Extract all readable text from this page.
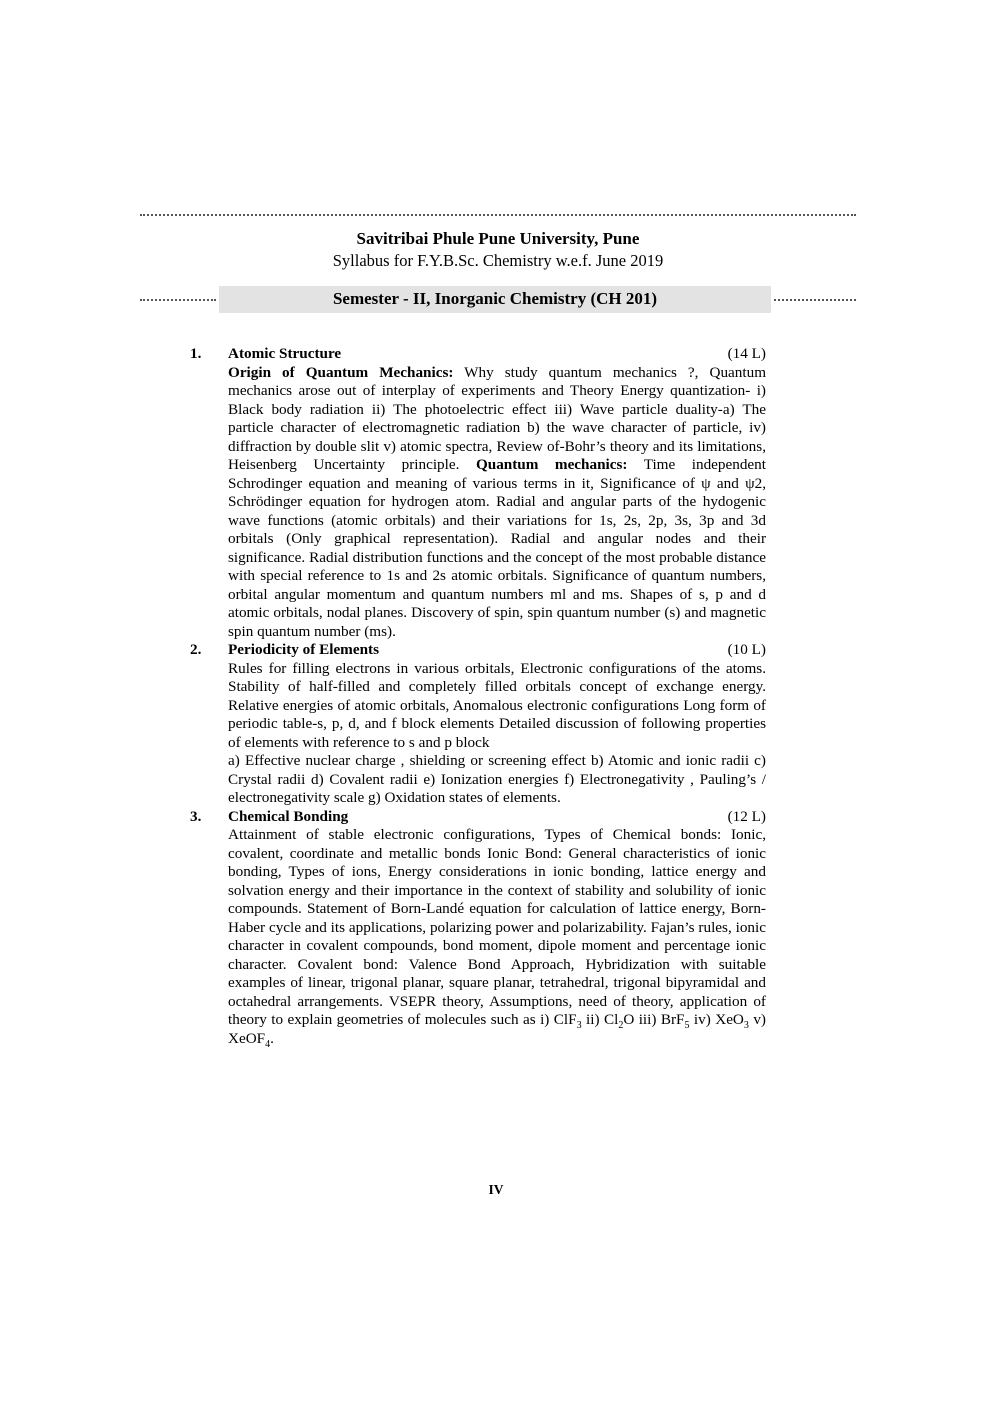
Savitribai Phule Pune University, Pune
Syllabus for F.Y.B.Sc. Chemistry w.e.f. June 2019
Semester - II, Inorganic Chemistry (CH 201)
1.	Atomic Structure	(14 L)

Origin of Quantum Mechanics: Why study quantum mechanics ?, Quantum mechanics arose out of interplay of experiments and Theory Energy quantization- i) Black body radiation ii) The photoelectric effect iii) Wave particle duality-a) The particle character of electromagnetic radiation b) the wave character of particle, iv) diffraction by double slit v) atomic spectra, Review of-Bohr’s theory and its limitations, Heisenberg Uncertainty principle. Quantum mechanics: Time independent Schrodinger equation and meaning of various terms in it, Significance of ψ and ψ2, Schrödinger equation for hydrogen atom. Radial and angular parts of the hydogenic wave functions (atomic orbitals) and their variations for 1s, 2s, 2p, 3s, 3p and 3d orbitals (Only graphical representation). Radial and angular nodes and their significance. Radial distribution functions and the concept of the most probable distance with special reference to 1s and 2s atomic orbitals. Significance of quantum numbers, orbital angular momentum and quantum numbers ml and ms. Shapes of s, p and d atomic orbitals, nodal planes. Discovery of spin, spin quantum number (s) and magnetic spin quantum number (ms).

2.	Periodicity of Elements	(10 L)

Rules for filling electrons in various orbitals, Electronic configurations of the atoms. Stability of half-filled and completely filled orbitals concept of exchange energy. Relative energies of atomic orbitals, Anomalous electronic configurations Long form of periodic table-s, p, d, and f block elements Detailed discussion of following properties of elements with reference to s and p block

a) Effective nuclear charge , shielding or screening effect b) Atomic and ionic radii c) Crystal radii d) Covalent radii e) Ionization energies f) Electronegativity , Pauling’s / electronegativity scale g) Oxidation states of elements.

3.	Chemical Bonding	(12 L)

Attainment of stable electronic configurations, Types of Chemical bonds: Ionic, covalent, coordinate and metallic bonds Ionic Bond: General characteristics of ionic bonding, Types of ions, Energy considerations in ionic bonding, lattice energy and solvation energy and their importance in the context of stability and solubility of ionic compounds. Statement of Born-Landé equation for calculation of lattice energy, Born-Haber cycle and its applications, polarizing power and polarizability. Fajan’s rules, ionic character in covalent compounds, bond moment, dipole moment and percentage ionic character. Covalent bond: Valence Bond Approach, Hybridization with suitable examples of linear, trigonal planar, square planar, tetrahedral, trigonal bipyramidal and octahedral arrangements. VSEPR theory, Assumptions, need of theory, application of theory to explain geometries of molecules such as i) ClF$_3$ ii) $Cl_2O$ iii) BrF$_5$ iv) XeO$_3$ v) XeOF$_4$.

IV
